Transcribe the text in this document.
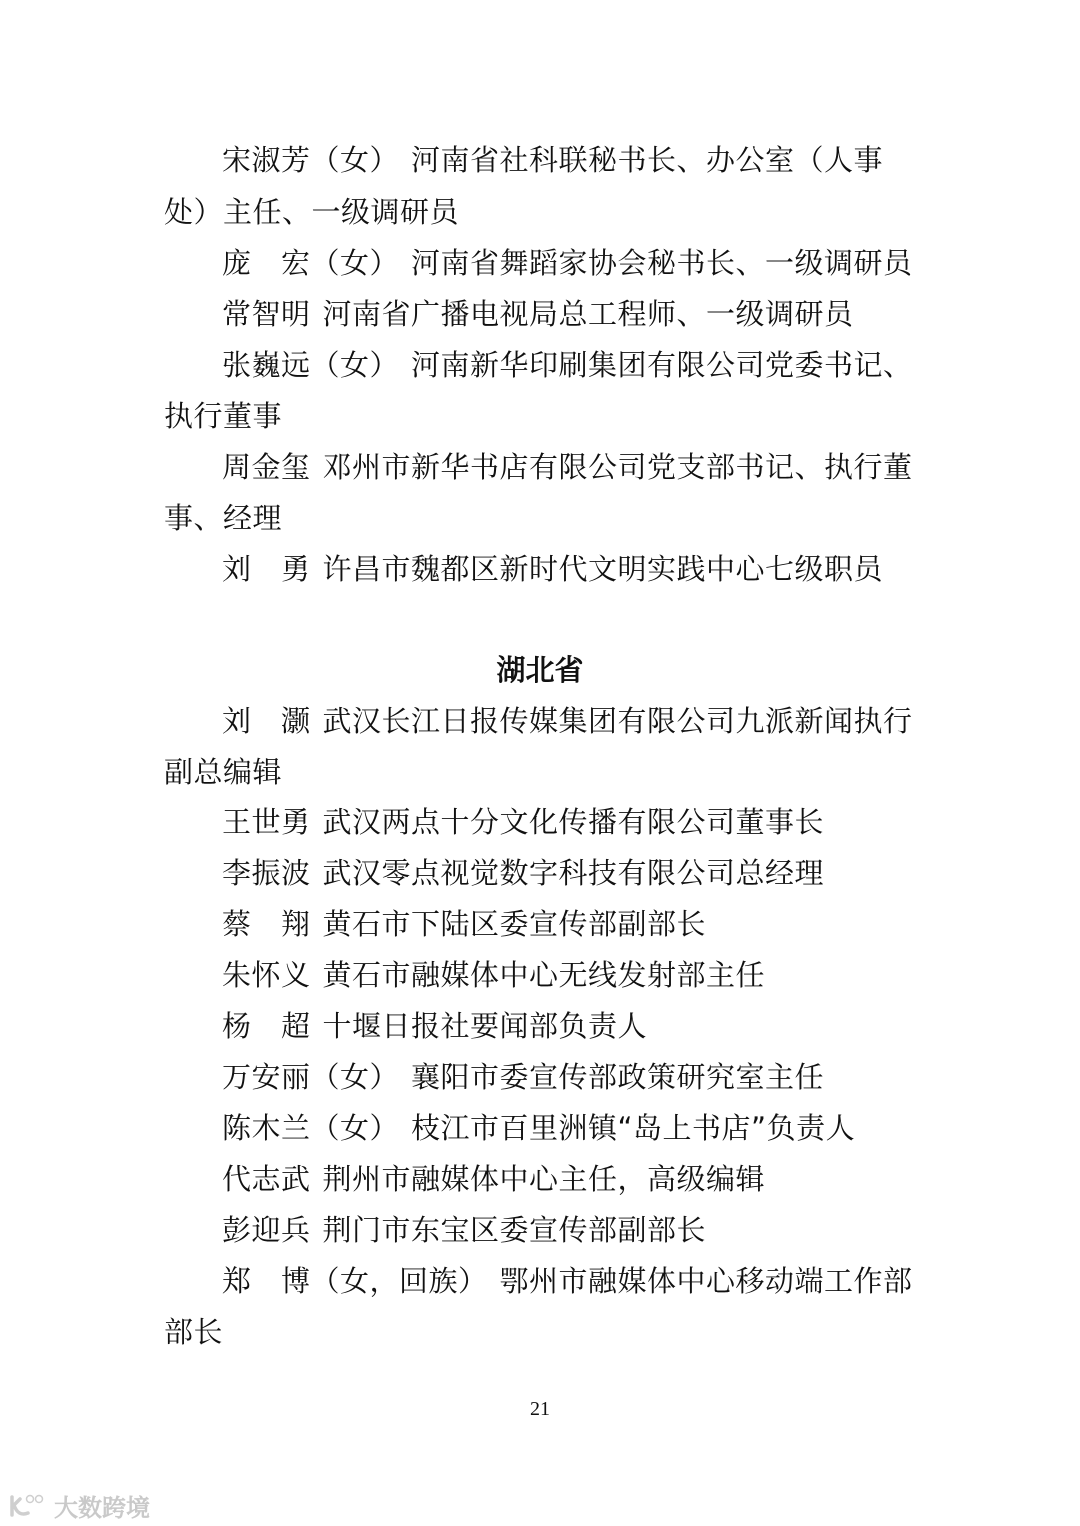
宋淑芳（女） 河南省社科联秘书长、办公室（人事
处）主任、一级调研员
庞　宏（女） 河南省舞蹈家协会秘书长、一级调研员
常智明 河南省广播电视局总工程师、一级调研员
张巍远（女） 河南新华印刷集团有限公司党委书记、
执行董事
周金玺 邓州市新华书店有限公司党支部书记、执行董
事、经理
刘　勇 许昌市魏都区新时代文明实践中心七级职员
湖北省
刘　灏 武汉长江日报传媒集团有限公司九派新闻执行
副总编辑
王世勇 武汉两点十分文化传播有限公司董事长
李振波 武汉零点视觉数字科技有限公司总经理
蔡　翔 黄石市下陆区委宣传部副部长
朱怀义 黄石市融媒体中心无线发射部主任
杨　超 十堰日报社要闻部负责人
万安丽（女） 襄阳市委宣传部政策研究室主任
陈木兰（女） 枝江市百里洲镇“岛上书店”负责人
代志武 荆州市融媒体中心主任，高级编辑
彭迎兵 荆门市东宝区委宣传部副部长
郑　博（女，回族） 鄂州市融媒体中心移动端工作部
部长
21
大数跨境
